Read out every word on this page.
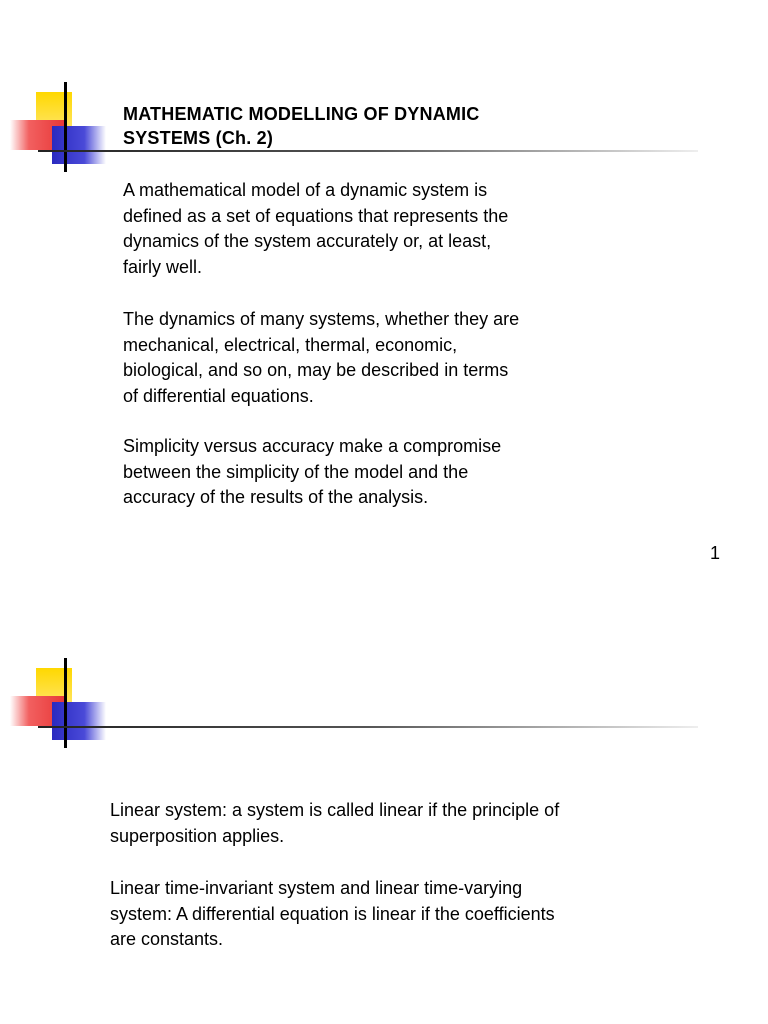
MATHEMATIC MODELLING OF DYNAMIC
SYSTEMS (Ch. 2)
A mathematical model of a dynamic system is
defined as a set of equations that represents the
dynamics of the system accurately or, at least,
fairly well.
The dynamics of many systems, whether they are
mechanical, electrical, thermal, economic,
biological, and so on, may be described in terms
of differential equations.
Simplicity versus accuracy make a compromise
between the simplicity of the model and the
accuracy of the results of the analysis.
1
Linear system: a system is called linear if the principle of
superposition applies.
Linear time-invariant system and linear time-varying
system: A differential equation is linear if the coefficients
are constants.
